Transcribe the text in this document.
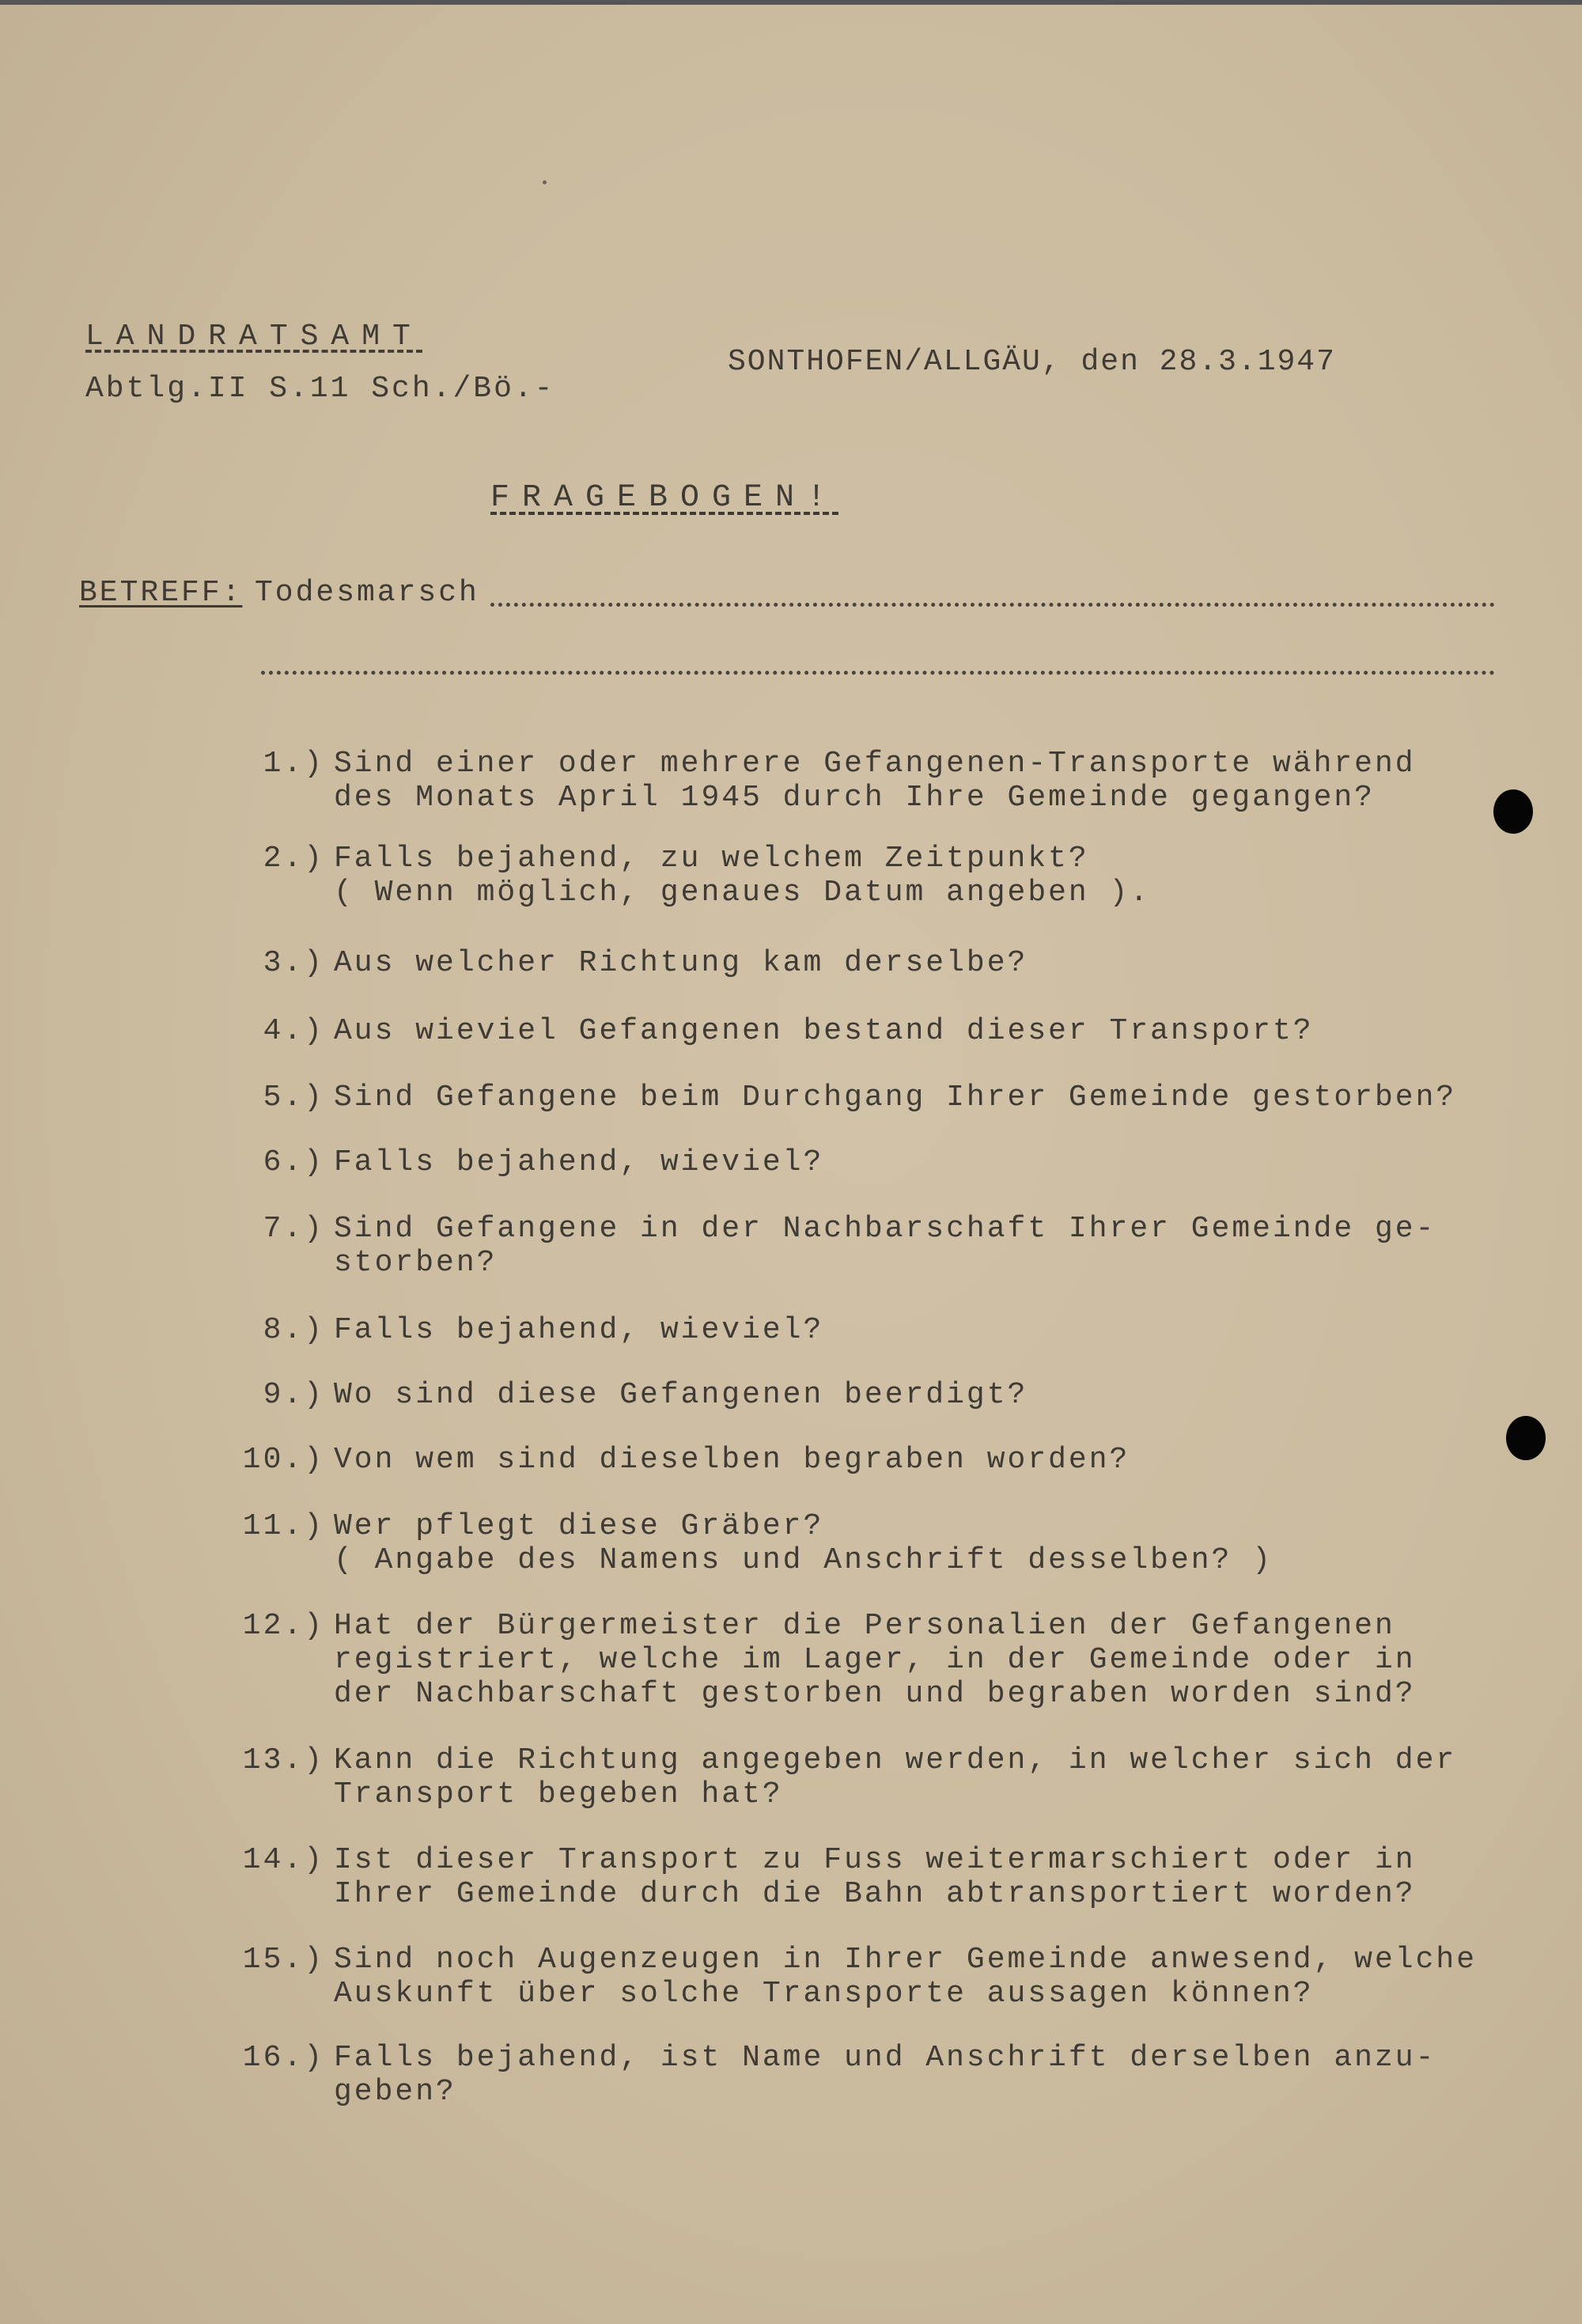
LANDRATSAMT
Abtlg.II S.11 Sch./Bö.-
SONTHOFEN/ALLGÄU, den 28.3.1947
FRAGEBOGEN!
BETREFF: Todesmarsch
1.) Sind einer oder mehrere Gefangenen-Transporte während
des Monats April 1945 durch Ihre Gemeinde gegangen?
2.) Falls bejahend, zu welchem Zeitpunkt?
( Wenn möglich, genaues Datum angeben ).
3.) Aus welcher Richtung kam derselbe?
4.) Aus wieviel Gefangenen bestand dieser Transport?
5.) Sind Gefangene beim Durchgang Ihrer Gemeinde gestorben?
6.) Falls bejahend, wieviel?
7.) Sind Gefangene in der Nachbarschaft Ihrer Gemeinde ge-
storben?
8.) Falls bejahend, wieviel?
9.) Wo sind diese Gefangenen beerdigt?
10.) Von wem sind dieselben begraben worden?
11.) Wer pflegt diese Gräber?
( Angabe des Namens und Anschrift desselben? )
12.) Hat der Bürgermeister die Personalien der Gefangenen
registriert, welche im Lager, in der Gemeinde oder in
der Nachbarschaft gestorben und begraben worden sind?
13.) Kann die Richtung angegeben werden, in welcher sich der
Transport begeben hat?
14.) Ist dieser Transport zu Fuss weitermarschiert oder in
Ihrer Gemeinde durch die Bahn abtransportiert worden?
15.) Sind noch Augenzeugen in Ihrer Gemeinde anwesend, welche
Auskunft über solche Transporte aussagen können?
16.) Falls bejahend, ist Name und Anschrift derselben anzu-
geben?
